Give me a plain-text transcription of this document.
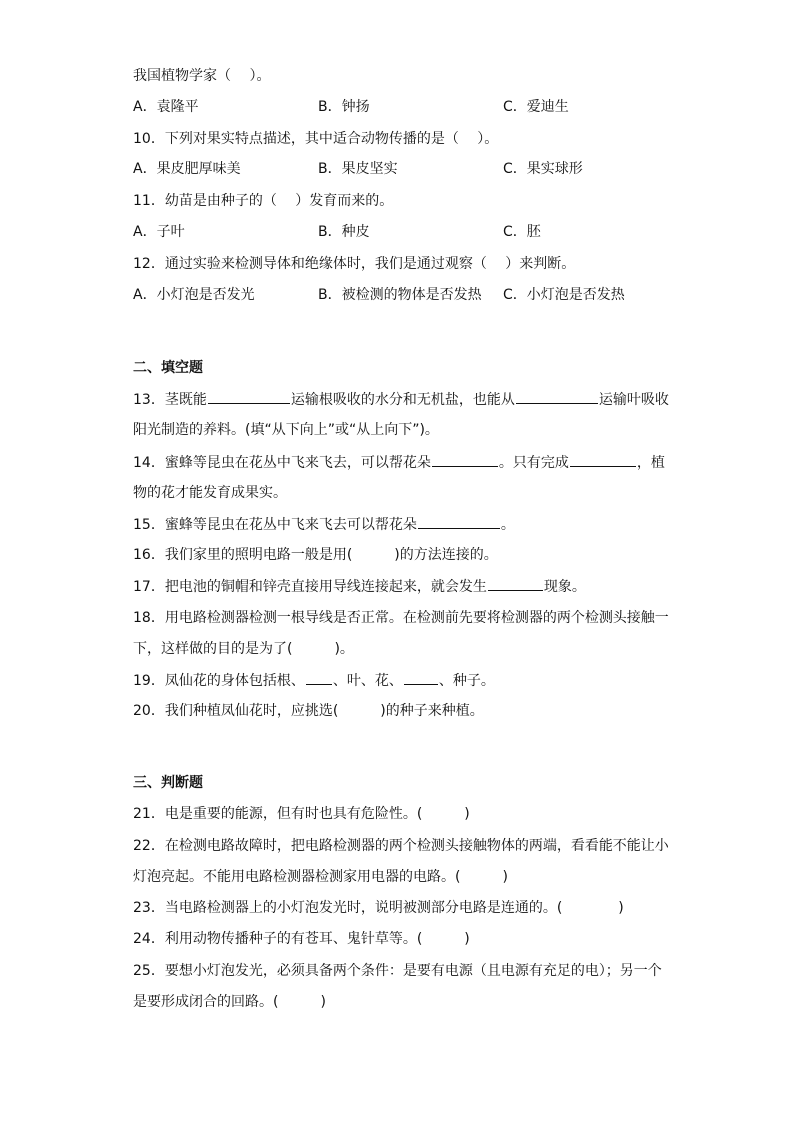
我国植物学家（　 ）。
A．袁隆平	B．钟扬	C．爱迪生
10．下列对果实特点描述，其中适合动物传播的是（　 ）。
A．果皮肥厚味美	B．果皮坚实	C．果实球形
11．幼苗是由种子的（　 ）发育而来的。
A．子叶	B．种皮	C．胚
12．通过实验来检测导体和绝缘体时，我们是通过观察（　 ）来判断。
A．小灯泡是否发光	B．被检测的物体是否发热 C．小灯泡是否发热
二、填空题
13．茎既能	运输根吸收的水分和无机盐，也能从	运输叶吸收
阳光制造的养料。(填“从下向上”或“从上向下”)。
14．蜜蜂等昆虫在花丛中飞来飞去，可以帮花朵	。只有完成	，植
物的花才能发育成果实。
15．蜜蜂等昆虫在花丛中飞来飞去可以帮花朵	。
16．我们家里的照明电路一般是用(　　　)的方法连接的。
17．把电池的铜帽和锌壳直接用导线连接起来，就会发生	现象。
18．用电路检测器检测一根导线是否正常。在检测前先要将检测器的两个检测头接触一
下，这样做的目的是为了(　　　)。
19．凤仙花的身体包括根、 、叶、花、	、种子。
20．我们种植凤仙花时，应挑选(　　　)的种子来种植。
三、判断题
21．电是重要的能源，但有时也具有危险性。(　　　)
22．在检测电路故障时，把电路检测器的两个检测头接触物体的两端，看看能不能让小
灯泡亮起。不能用电路检测器检测家用电器的电路。(　　　)
23．当电路检测器上的小灯泡发光时，说明被测部分电路是连通的。(　　　　)
24．利用动物传播种子的有苍耳、鬼针草等。(　　　)
25．要想小灯泡发光，必须具备两个条件：是要有电源（且电源有充足的电）；另一个
是要形成闭合的回路。(　　　)
